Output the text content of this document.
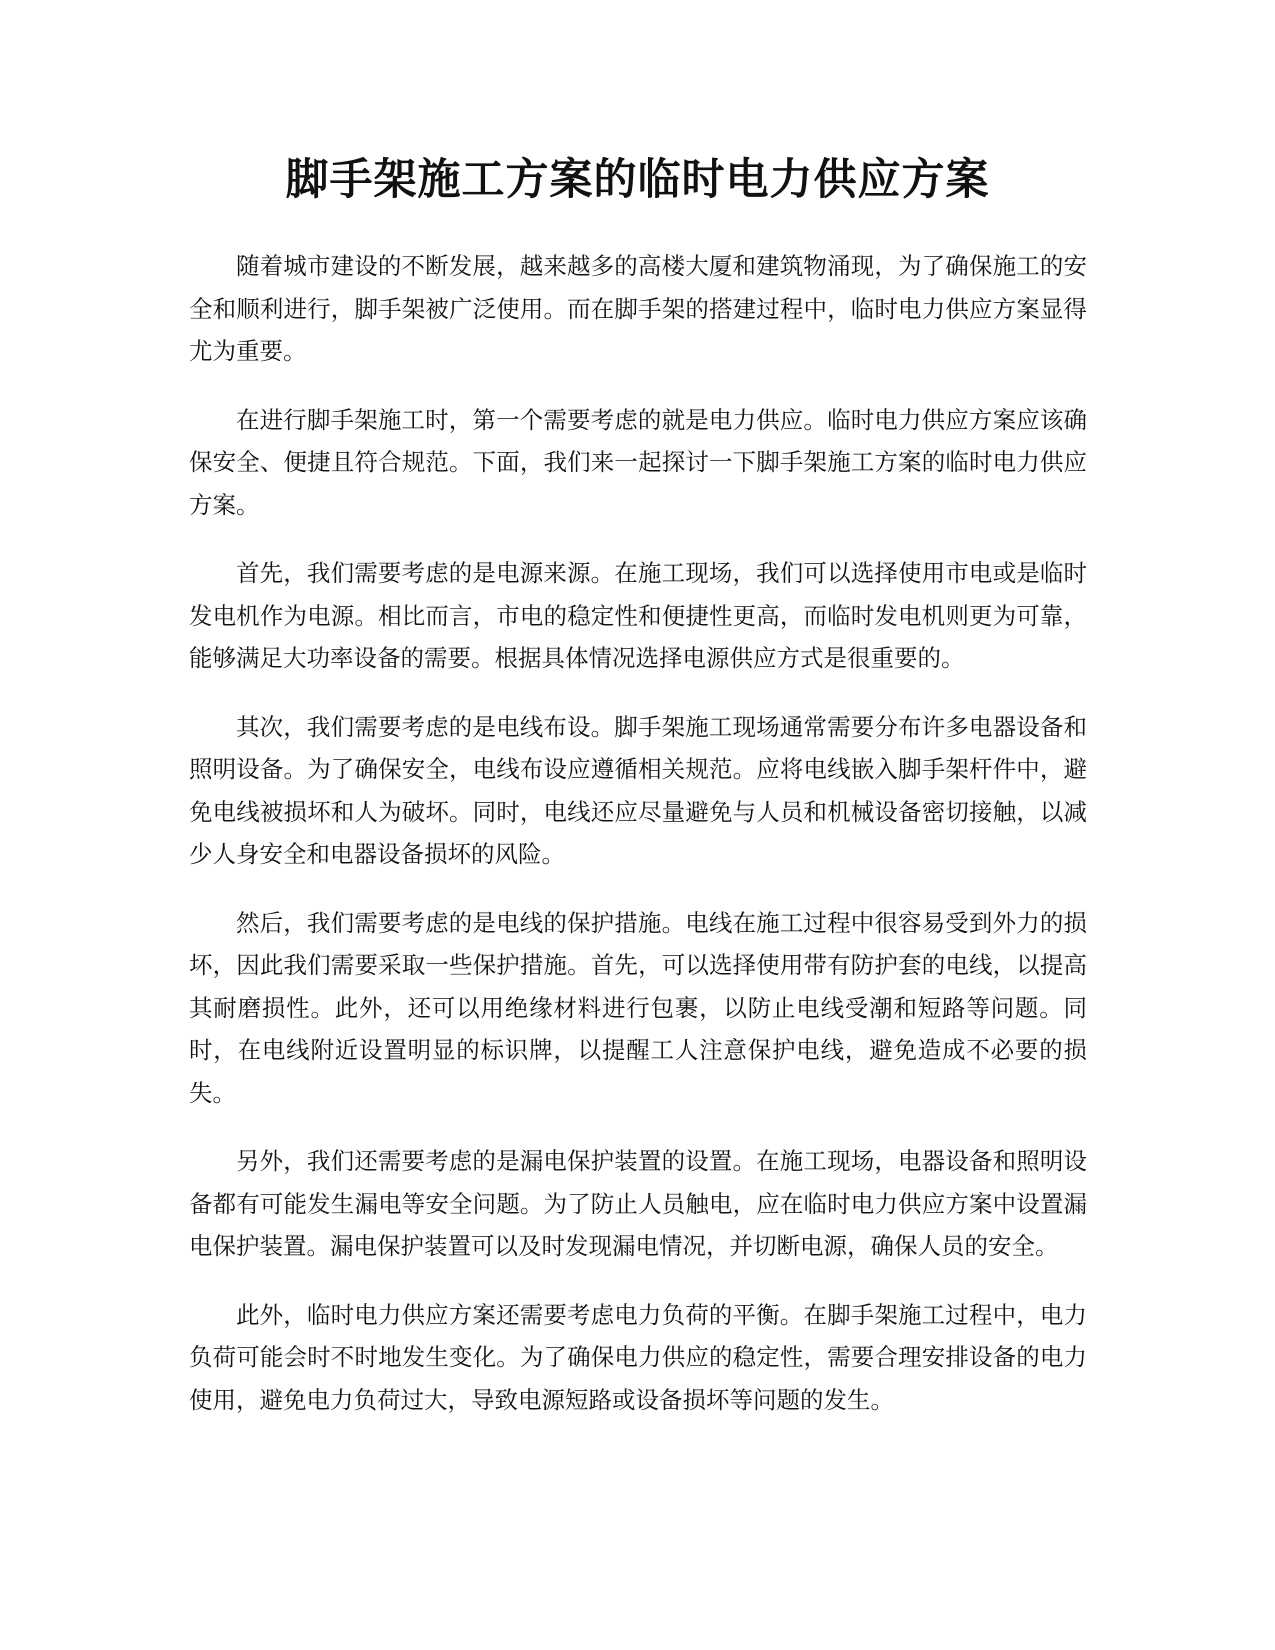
脚手架施工方案的临时电力供应方案

随着城市建设的不断发展，越来越多的高楼大厦和建筑物涌现，为了确保施工的安全和顺利进行，脚手架被广泛使用。而在脚手架的搭建过程中，临时电力供应方案显得尤为重要。

在进行脚手架施工时，第一个需要考虑的就是电力供应。临时电力供应方案应该确保安全、便捷且符合规范。下面，我们来一起探讨一下脚手架施工方案的临时电力供应方案。

首先，我们需要考虑的是电源来源。在施工现场，我们可以选择使用市电或是临时发电机作为电源。相比而言，市电的稳定性和便捷性更高，而临时发电机则更为可靠，能够满足大功率设备的需要。根据具体情况选择电源供应方式是很重要的。

其次，我们需要考虑的是电线布设。脚手架施工现场通常需要分布许多电器设备和照明设备。为了确保安全，电线布设应遵循相关规范。应将电线嵌入脚手架杆件中，避免电线被损坏和人为破坏。同时，电线还应尽量避免与人员和机械设备密切接触，以减少人身安全和电器设备损坏的风险。

然后，我们需要考虑的是电线的保护措施。电线在施工过程中很容易受到外力的损坏，因此我们需要采取一些保护措施。首先，可以选择使用带有防护套的电线，以提高其耐磨损性。此外，还可以用绝缘材料进行包裹，以防止电线受潮和短路等问题。同时，在电线附近设置明显的标识牌，以提醒工人注意保护电线，避免造成不必要的损失。

另外，我们还需要考虑的是漏电保护装置的设置。在施工现场，电器设备和照明设备都有可能发生漏电等安全问题。为了防止人员触电，应在临时电力供应方案中设置漏电保护装置。漏电保护装置可以及时发现漏电情况，并切断电源，确保人员的安全。

此外，临时电力供应方案还需要考虑电力负荷的平衡。在脚手架施工过程中，电力负荷可能会时不时地发生变化。为了确保电力供应的稳定性，需要合理安排设备的电力使用，避免电力负荷过大，导致电源短路或设备损坏等问题的发生。
